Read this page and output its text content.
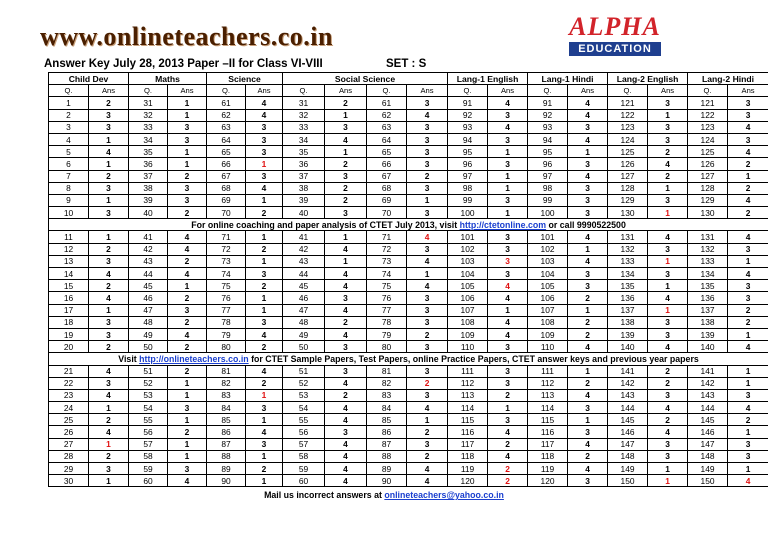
www.onlineteachers.co.in	ALPHA
EDUCATION
Answer Key July 28, 2013 Paper –II for Class VI-VIII	SET : S
Child Dev		Maths		Science		Social Science				Lang-1 English		Lang-1 Hindi		Lang-2 English		Lang-2 Hindi	
Q.	Ans	Q.	Ans	Q.	Ans	Q.	Ans	Q.	Ans	Q.	Ans	Q.	Ans	Q.	Ans	Q.	Ans
1	2	31	1	61	4	31	2	61	3	91	4	91	4	121	3	121	3
2	3	32	1	62	4	32	1	62	4	92	3	92	4	122	1	122	3
3	3	33	3	63	3	33	3	63	3	93	4	93	3	123	3	123	4
4	1	34	3	64	3	34	4	64	3	94	3	94	4	124	3	124	3
5	4	35	1	65	3	35	1	65	3	95	1	95	1	125	2	125	4
6	1	36	1	66	1	36	2	66	3	96	3	96	3	126	4	126	2
7	2	37	2	67	3	37	3	67	2	97	1	97	4	127	2	127	1
8	3	38	3	68	4	38	2	68	3	98	1	98	3	128	1	128	2
9	1	39	3	69	1	39	2	69	1	99	3	99	3	129	3	129	4
10	3	40	2	70	2	40	3	70	3	100	1	100	3	130	1	130	2
For online coaching and paper analysis of CTET July 2013, visit http://ctetonline.com or call 9990522500																	
11	1	41	4	71	1	41	1	71	4	101	3	101	4	131	4	131	4
12	2	42	4	72	2	42	4	72	3	102	3	102	1	132	3	132	3
13	3	43	2	73	1	43	1	73	4	103	3	103	4	133	1	133	1
14	4	44	4	74	3	44	4	74	1	104	3	104	3	134	3	134	4
15	2	45	1	75	2	45	4	75	4	105	4	105	3	135	1	135	3
16	4	46	2	76	1	46	3	76	3	106	4	106	2	136	4	136	3
17	1	47	3	77	1	47	4	77	3	107	1	107	1	137	1	137	2
18	3	48	2	78	3	48	2	78	3	108	4	108	2	138	3	138	2
19	3	49	4	79	4	49	4	79	2	109	4	109	2	139	3	139	1
20	2	50	2	80	2	50	3	80	3	110	3	110	4	140	4	140	4
Visit http://onlineteachers.co.in for CTET Sample Papers, Test Papers, online Practice Papers, CTET answer keys and previous year papers																	
21	4	51	2	81	4	51	3	81	3	111	3	111	1	141	2	141	1
22	3	52	1	82	2	52	4	82	2	112	3	112	2	142	2	142	1
23	4	53	1	83	1	53	2	83	3	113	2	113	4	143	3	143	3
24	1	54	3	84	3	54	4	84	4	114	1	114	3	144	4	144	4
25	2	55	1	85	1	55	4	85	1	115	3	115	1	145	2	145	2
26	4	56	2	86	4	56	3	86	2	116	4	116	3	146	4	146	1
27	1	57	1	87	3	57	4	87	3	117	2	117	4	147	3	147	3
28	2	58	1	88	1	58	4	88	2	118	4	118	2	148	3	148	3
29	3	59	3	89	2	59	4	89	4	119	2	119	4	149	1	149	1
30	1	60	4	90	1	60	4	90	4	120	2	120	3	150	1	150	4
Mail us incorrect answers at onlineteachers@yahoo.co.in
